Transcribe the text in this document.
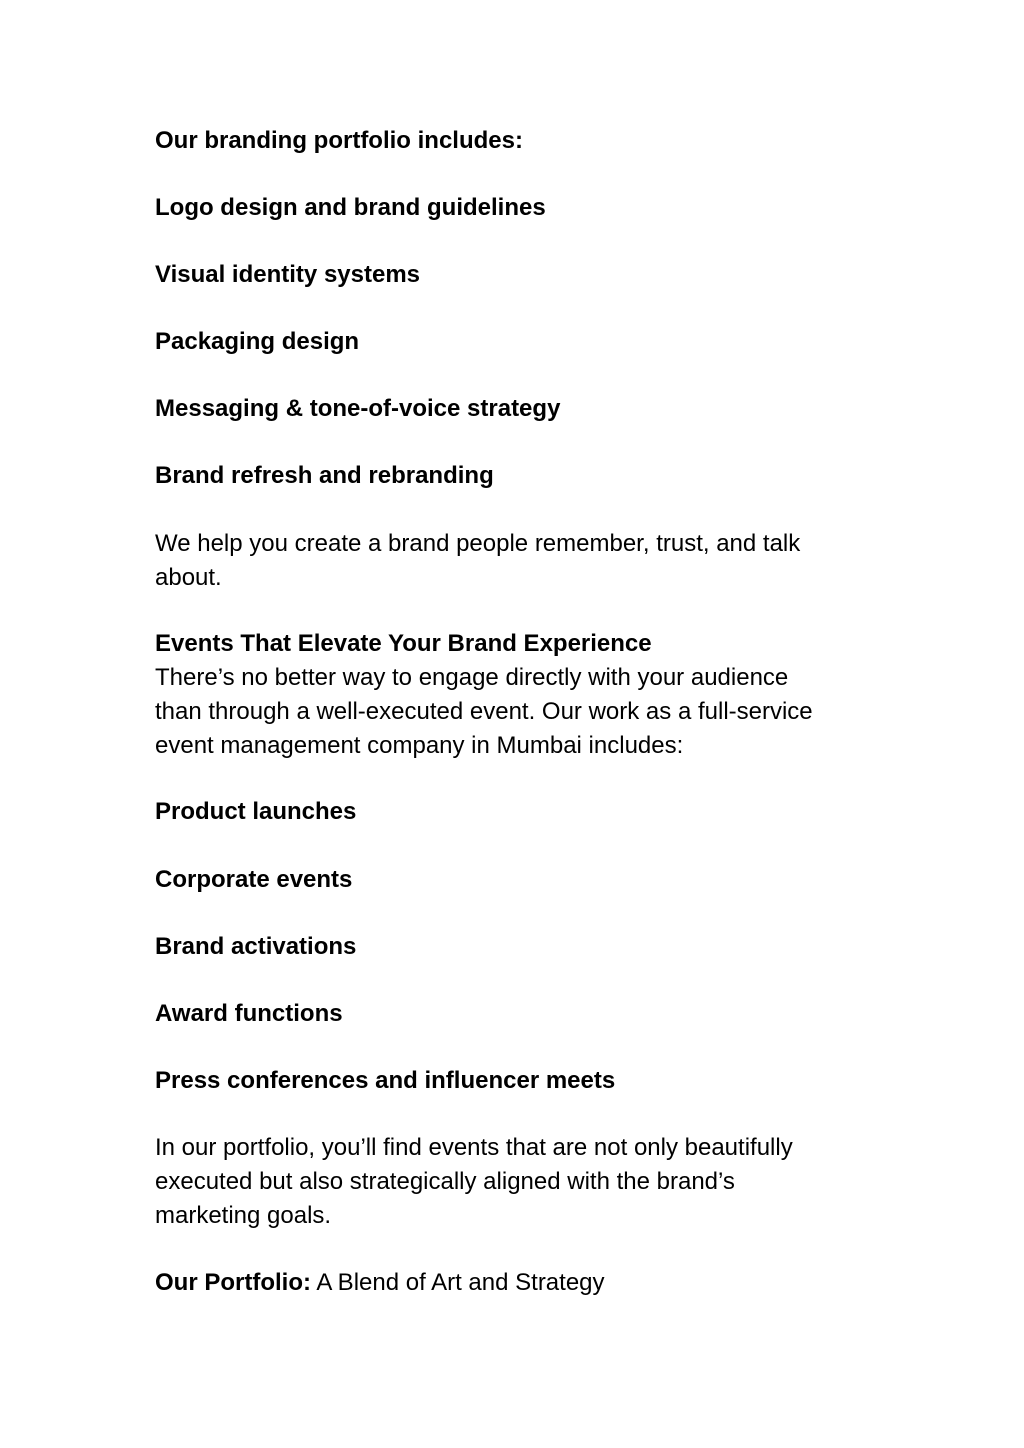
Our branding portfolio includes:
Logo design and brand guidelines
Visual identity systems
Packaging design
Messaging & tone-of-voice strategy
Brand refresh and rebranding
We help you create a brand people remember, trust, and talk
about.
Events That Elevate Your Brand Experience
There’s no better way to engage directly with your audience
than through a well-executed event. Our work as a full-service
event management company in Mumbai includes:
Product launches
Corporate events
Brand activations
Award functions
Press conferences and influencer meets
In our portfolio, you’ll find events that are not only beautifully
executed but also strategically aligned with the brand’s
marketing goals.
Our Portfolio: A Blend of Art and Strategy
